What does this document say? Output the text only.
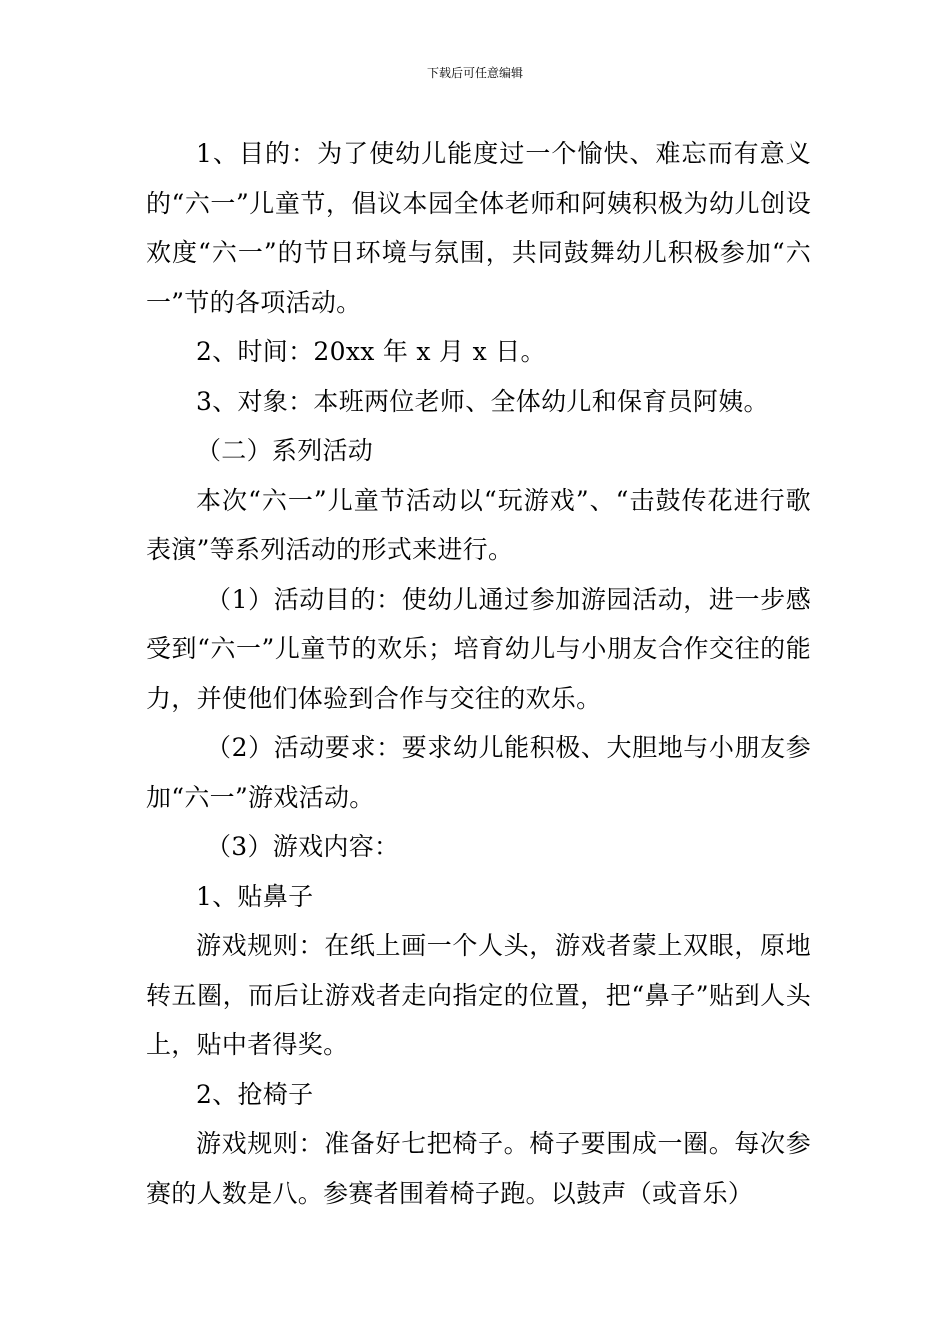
下载后可任意编辑

1、目的：为了使幼儿能度过一个愉快、难忘而有意义的“六一”儿童节，倡议本园全体老师和阿姨积极为幼儿创设欢度“六一”的节日环境与氛围，共同鼓舞幼儿积极参加“六一”节的各项活动。

2、时间：20xx 年 x 月 x 日。

3、对象：本班两位老师、全体幼儿和保育员阿姨。

（二）系列活动

本次“六一”儿童节活动以“玩游戏”、“击鼓传花进行歌表演”等系列活动的形式来进行。

（1）活动目的：使幼儿通过参加游园活动，进一步感受到“六一”儿童节的欢乐；培育幼儿与小朋友合作交往的能力，并使他们体验到合作与交往的欢乐。

（2）活动要求：要求幼儿能积极、大胆地与小朋友参加“六一”游戏活动。

（3）游戏内容：

1、贴鼻子

游戏规则：在纸上画一个人头，游戏者蒙上双眼，原地转五圈，而后让游戏者走向指定的位置，把“鼻子”贴到人头上，贴中者得奖。

2、抢椅子

游戏规则：准备好七把椅子。椅子要围成一圈。每次参赛的人数是八。参赛者围着椅子跑。以鼓声（或音乐）
